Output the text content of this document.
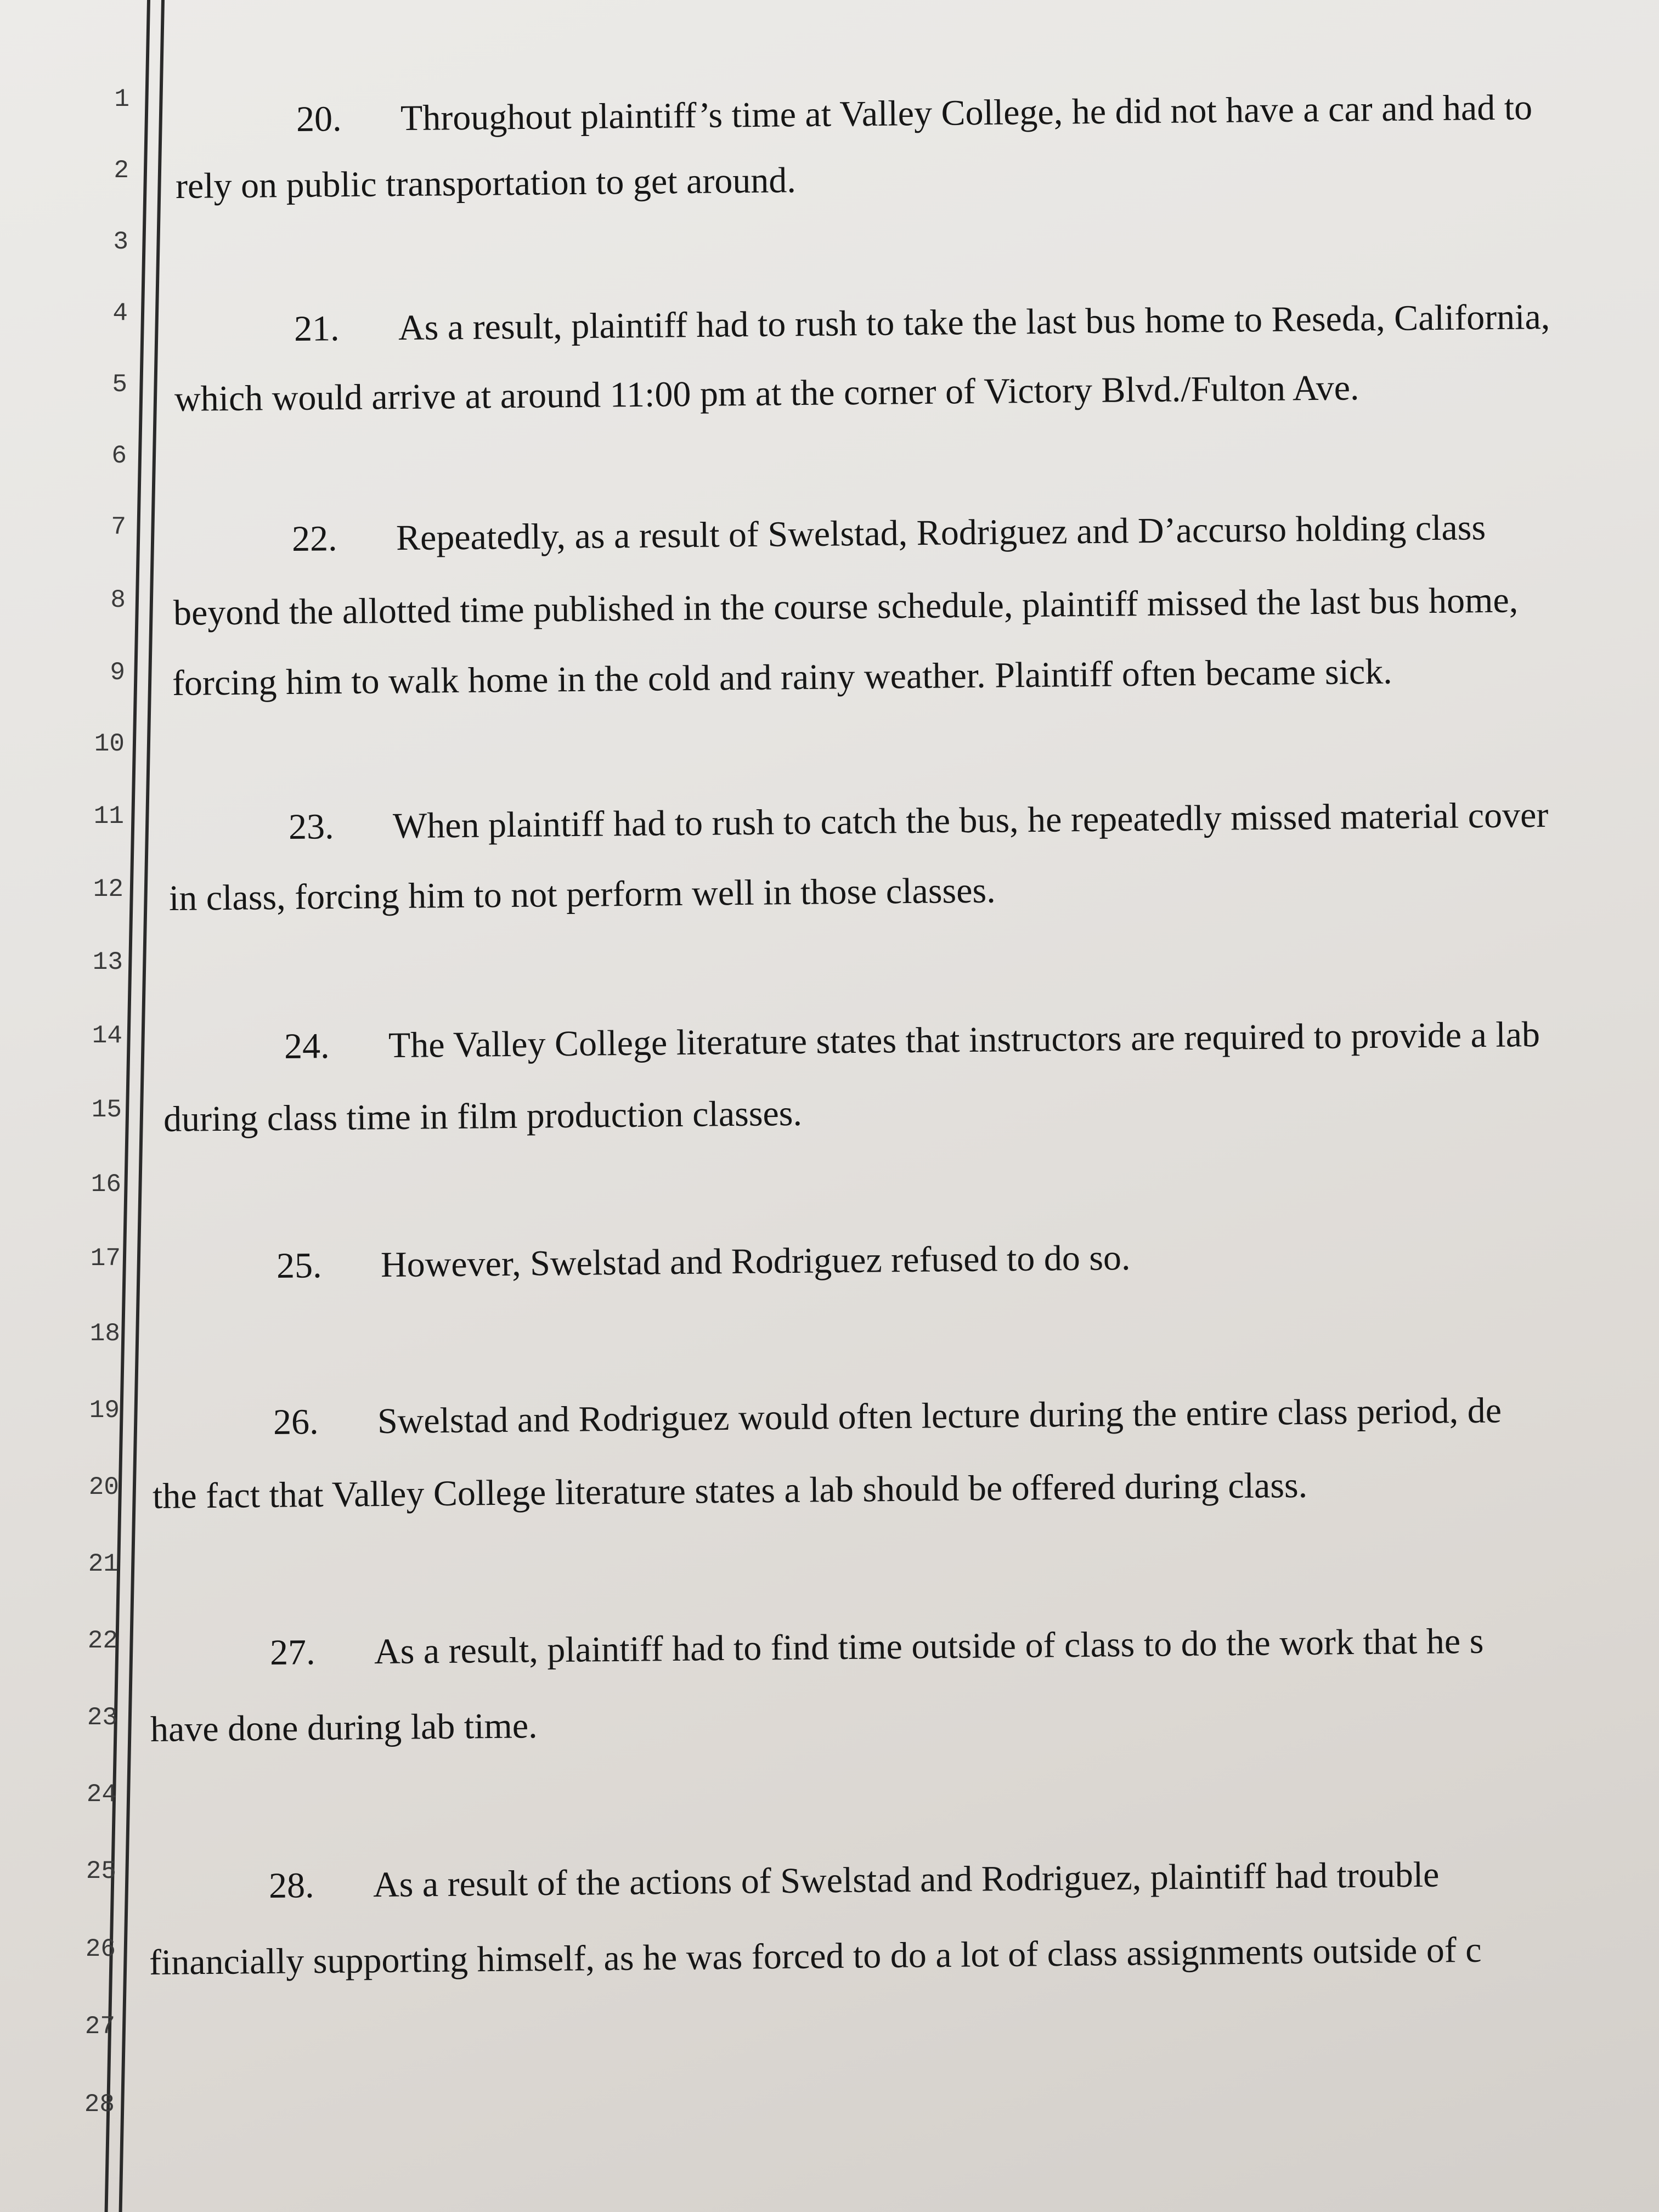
1
2
3
4
5
6
7
8
9
10
11
12
13
14
15
16
17
18
19
20
21
22
23
24
25
26
27
28
20. Throughout plaintiff’s time at Valley College, he did not have a car and had to
rely on public transportation to get around.
21. As a result, plaintiff had to rush to take the last bus home to Reseda, California,
which would arrive at around 11:00 pm at the corner of Victory Blvd./Fulton Ave.
22. Repeatedly, as a result of Swelstad, Rodriguez and D’accurso holding class
beyond the allotted time published in the course schedule, plaintiff missed the last bus home,
forcing him to walk home in the cold and rainy weather. Plaintiff often became sick.
23. When plaintiff had to rush to catch the bus, he repeatedly missed material cover
in class, forcing him to not perform well in those classes.
24. The Valley College literature states that instructors are required to provide a lab
during class time in film production classes.
25. However, Swelstad and Rodriguez refused to do so.
26. Swelstad and Rodriguez would often lecture during the entire class period, de
the fact that Valley College literature states a lab should be offered during class.
27. As a result, plaintiff had to find time outside of class to do the work that he s
have done during lab time.
28. As a result of the actions of Swelstad and Rodriguez, plaintiff had trouble
financially supporting himself, as he was forced to do a lot of class assignments outside of c
